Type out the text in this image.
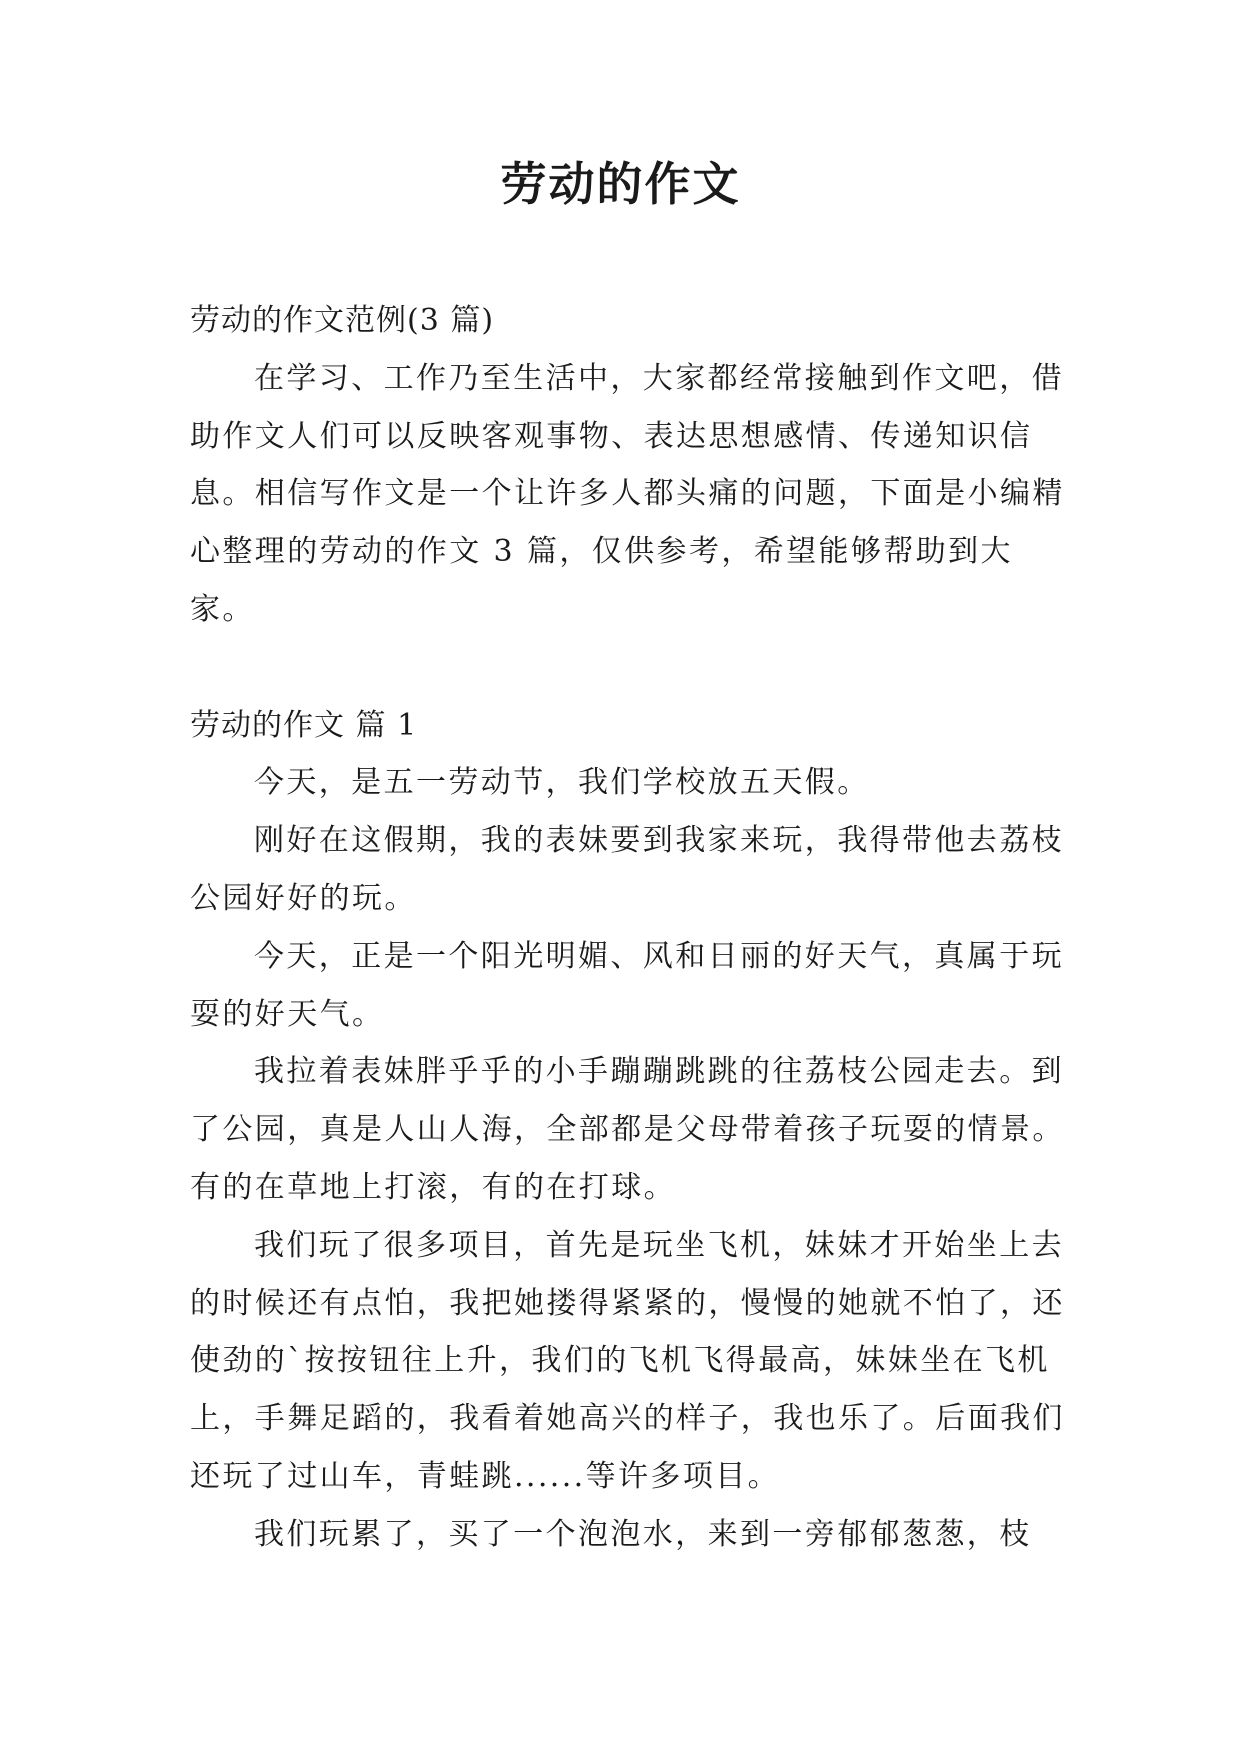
劳动的作文

劳动的作文范例(3 篇)

在学习、工作乃至生活中，大家都经常接触到作文吧，借助作文人们可以反映客观事物、表达思想感情、传递知识信息。相信写作文是一个让许多人都头痛的问题，下面是小编精心整理的劳动的作文 3 篇，仅供参考，希望能够帮助到大家。

劳动的作文 篇 1

今天，是五一劳动节，我们学校放五天假。

刚好在这假期，我的表妹要到我家来玩，我得带他去荔枝公园好好的玩。

今天，正是一个阳光明媚、风和日丽的好天气，真属于玩耍的好天气。

我拉着表妹胖乎乎的小手蹦蹦跳跳的往荔枝公园走去。到了公园，真是人山人海，全部都是父母带着孩子玩耍的情景。有的在草地上打滚，有的在打球。

我们玩了很多项目，首先是玩坐飞机，妹妹才开始坐上去的时候还有点怕，我把她搂得紧紧的，慢慢的她就不怕了，还使劲的`按按钮往上升，我们的飞机飞得最高，妹妹坐在飞机上，手舞足蹈的，我看着她高兴的样子，我也乐了。后面我们还玩了过山车，青蛙跳......等许多项目。

我们玩累了，买了一个泡泡水，来到一旁郁郁葱葱，枝
